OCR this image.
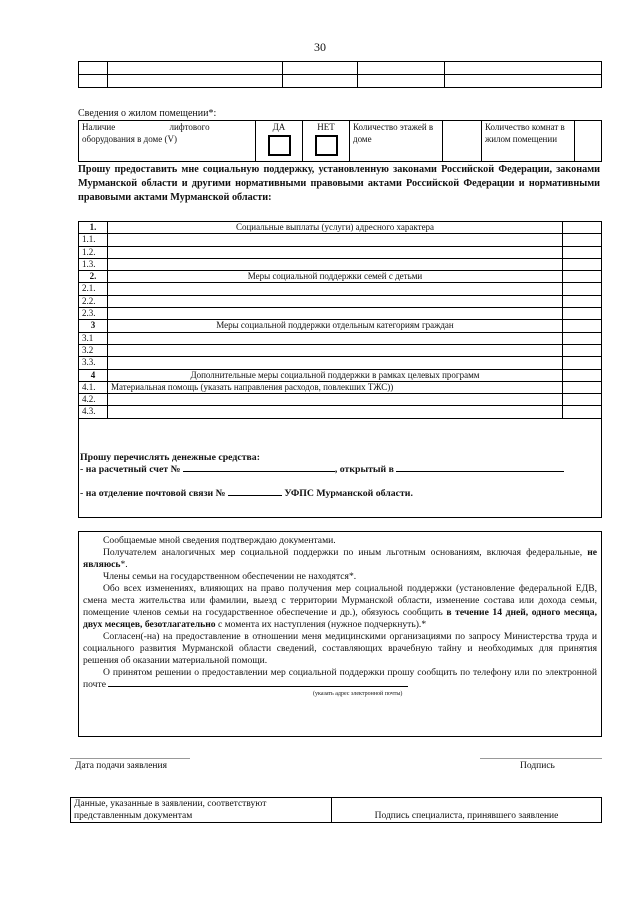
30

Сведения о жилом помещении*:
Наличие лифтового
оборудования в доме (V)

ДА	НЕТ	Количество этажей в доме		Количество комнат в жилом помещении	
Прошу предоставить мне социальную поддержку, установленную законами Российской Федерации, законами Мурманской области и другими нормативными правовыми актами Российской Федерации и нормативными правовыми актами Мурманской области:
1.	Социальные выплаты (услуги) адресного характера	
1.1.		
1.2.		
1.3.		
2.	Меры социальной поддержки семей с детьми	
2.1.		
2.2.		
2.3.		
3	Меры социальной поддержки отдельным категориям граждан	
3.1		
3.2		
3.3.		
4	Дополнительные меры социальной поддержки в рамках целевых программ	
4.1.	Материальная помощь (указать направления расходов, повлекших ТЖС))	
4.2.		
4.3.		
Прошу перечислять денежные средства:
- на расчетный счет №	, открытый в
- на отделение почтовой связи №	УФПС Мурманской области.

Сообщаемые мной сведения подтверждаю документами.

Получателем аналогичных мер социальной поддержки по иным льготным основаниям, включая федеральные, не являюсь*.

Члены семьи на государственном обеспечении не находятся*.

Обо всех изменениях, влияющих на право получения мер социальной поддержки (установление федеральной ЕДВ, смена места жительства или фамилии, выезд с территории Мурманской области, изменение состава или дохода семьи, помещение членов семьи на государственное обеспечение и др.), обязуюсь сообщить в течение 14 дней, одного месяца, двух месяцев, безотлагательно с момента их наступления (нужное подчеркнуть).*

Согласен(-на) на предоставление в отношении меня медицинскими организациями по запросу Министерства труда и социального развития Мурманской области сведений, составляющих врачебную тайну и необходимых для принятия решения об оказании материальной помощи.

О принятом решении о предоставлении мер социальной поддержки прошу сообщить по телефону или по электронной почте

(указать адрес электронной почты)
Дата подачи заявления	Подпись
Данные, указанные в заявлении, соответствуют
представленным документам	Подпись специалиста, принявшего заявление
